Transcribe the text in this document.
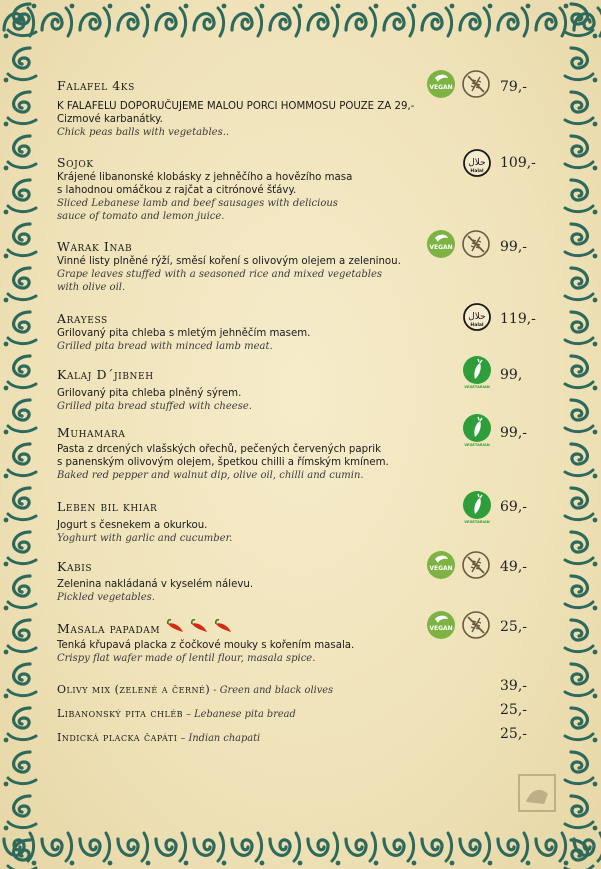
Falafel 4ks
K FALAFELU DOPORUČUJEME MALOU PORCI HOMMOSU POUZE ZA 29,-
Cizmové karbanátky.
Chick peas balls with vegetables..
VEGAN	79,-
Sojok
Krájené libanonské klobásky z jehněčího a hovězího masa
s lahodnou omáčkou z rajčat a citrónové šťávy.
Sliced Lebanese lamb and beef sausages with delicious
sauce of tomato and lemon juice.
حلال
Halal
109,-
Warak Inab
Vinné listy plněné rýží, směsí koření s olivovým olejem a zeleninou.
Grape leaves stuffed with a seasoned rice and mixed vegetables
with olive oil.
VEGAN	99,-
Arayess
Grilovaný pita chleba s mletým jehněčím masem.
Grilled pita bread with minced lamb meat.
حلال
Halal 119,-
Kalaj D´jibneh
Grilovaný pita chleba plněný sýrem.
Grilled pita bread stuffed with cheese.
VEGETARIAN
99,
Muhamara
Pasta z drcených vlašských ořechů, pečených červených paprik
s panenským olivovým olejem, špetkou chilli a římským kmínem.
Baked red pepper and walnut dip, olive oil, chilli and cumin.
VEGETARIAN
99,-
Leben bil khiar
Jogurt s česnekem a okurkou.
Yoghurt with garlic and cucumber.
VEGETARIAN
69,-
Kabis
Zelenina nakládaná v kyselém nálevu.
Pickled vegetables.
VEGAN	49,-
Masala papadam
Tenká křupavá placka z čočkové mouky s kořením masala.
Crispy flat wafer made of lentil flour, masala spice.
VEGAN	25,-
Olivy mix (zelené a černé) - Green and black olives	39,-
Libanonský pita chléb – Lebanese pita bread	25,-
Indická placka čapáti – Indian chapati	25,-
